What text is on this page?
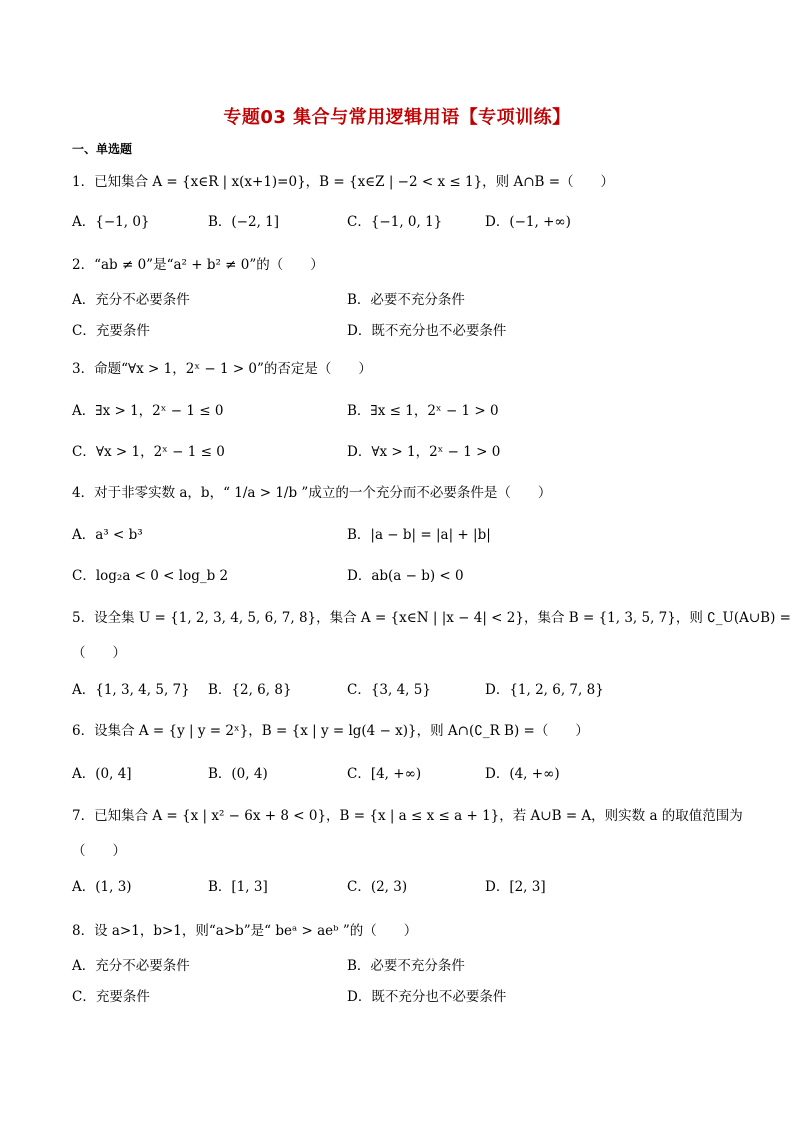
专题03 集合与常用逻辑用语【专项训练】
一、单选题
1．已知集合 A = {x∈R | x(x+1)=0}，B = {x∈Z | −2 < x ≤ 1}，则 A∩B =（　　）
A．{−1, 0}	B．(−2, 1]	C．{−1, 0, 1}	D．(−1, +∞)
2．“ab ≠ 0”是“a² + b² ≠ 0”的（　　）
A．充分不必要条件	B．必要不充分条件
C．充要条件	D．既不充分也不必要条件
3．命题“∀x > 1，2ˣ − 1 > 0”的否定是（　　）
A．∃x > 1，2ˣ − 1 ≤ 0	B．∃x ≤ 1，2ˣ − 1 > 0
C．∀x > 1，2ˣ − 1 ≤ 0	D．∀x > 1，2ˣ − 1 > 0
4．对于非零实数 a，b，“ 1/a > 1/b ”成立的一个充分而不必要条件是（　　）
A．a³ < b³	B．|a − b| = |a| + |b|
C．log₂a < 0 < log_b 2	D．ab(a − b) < 0
5．设全集 U = {1, 2, 3, 4, 5, 6, 7, 8}，集合 A = {x∈N | |x − 4| < 2}，集合 B = {1, 3, 5, 7}，则 ∁_U(A∪B) =
（　　）
A．{1, 3, 4, 5, 7} B．{2, 6, 8}	C．{3, 4, 5}	D．{1, 2, 6, 7, 8}
6．设集合 A = {y | y = 2ˣ}，B = {x | y = lg(4 − x)}，则 A∩(∁_R B) =（　　）
A．(0, 4]	B．(0, 4)	C．[4, +∞)	D．(4, +∞)
7．已知集合 A = {x | x² − 6x + 8 < 0}，B = {x | a ≤ x ≤ a + 1}，若 A∪B = A，则实数 a 的取值范围为
（　　）
A．(1, 3)	B．[1, 3]	C．(2, 3)	D．[2, 3]
8．设 a>1，b>1，则“a>b”是“ beᵃ > aeᵇ ”的（　　）
A．充分不必要条件	B．必要不充分条件
C．充要条件	D．既不充分也不必要条件
